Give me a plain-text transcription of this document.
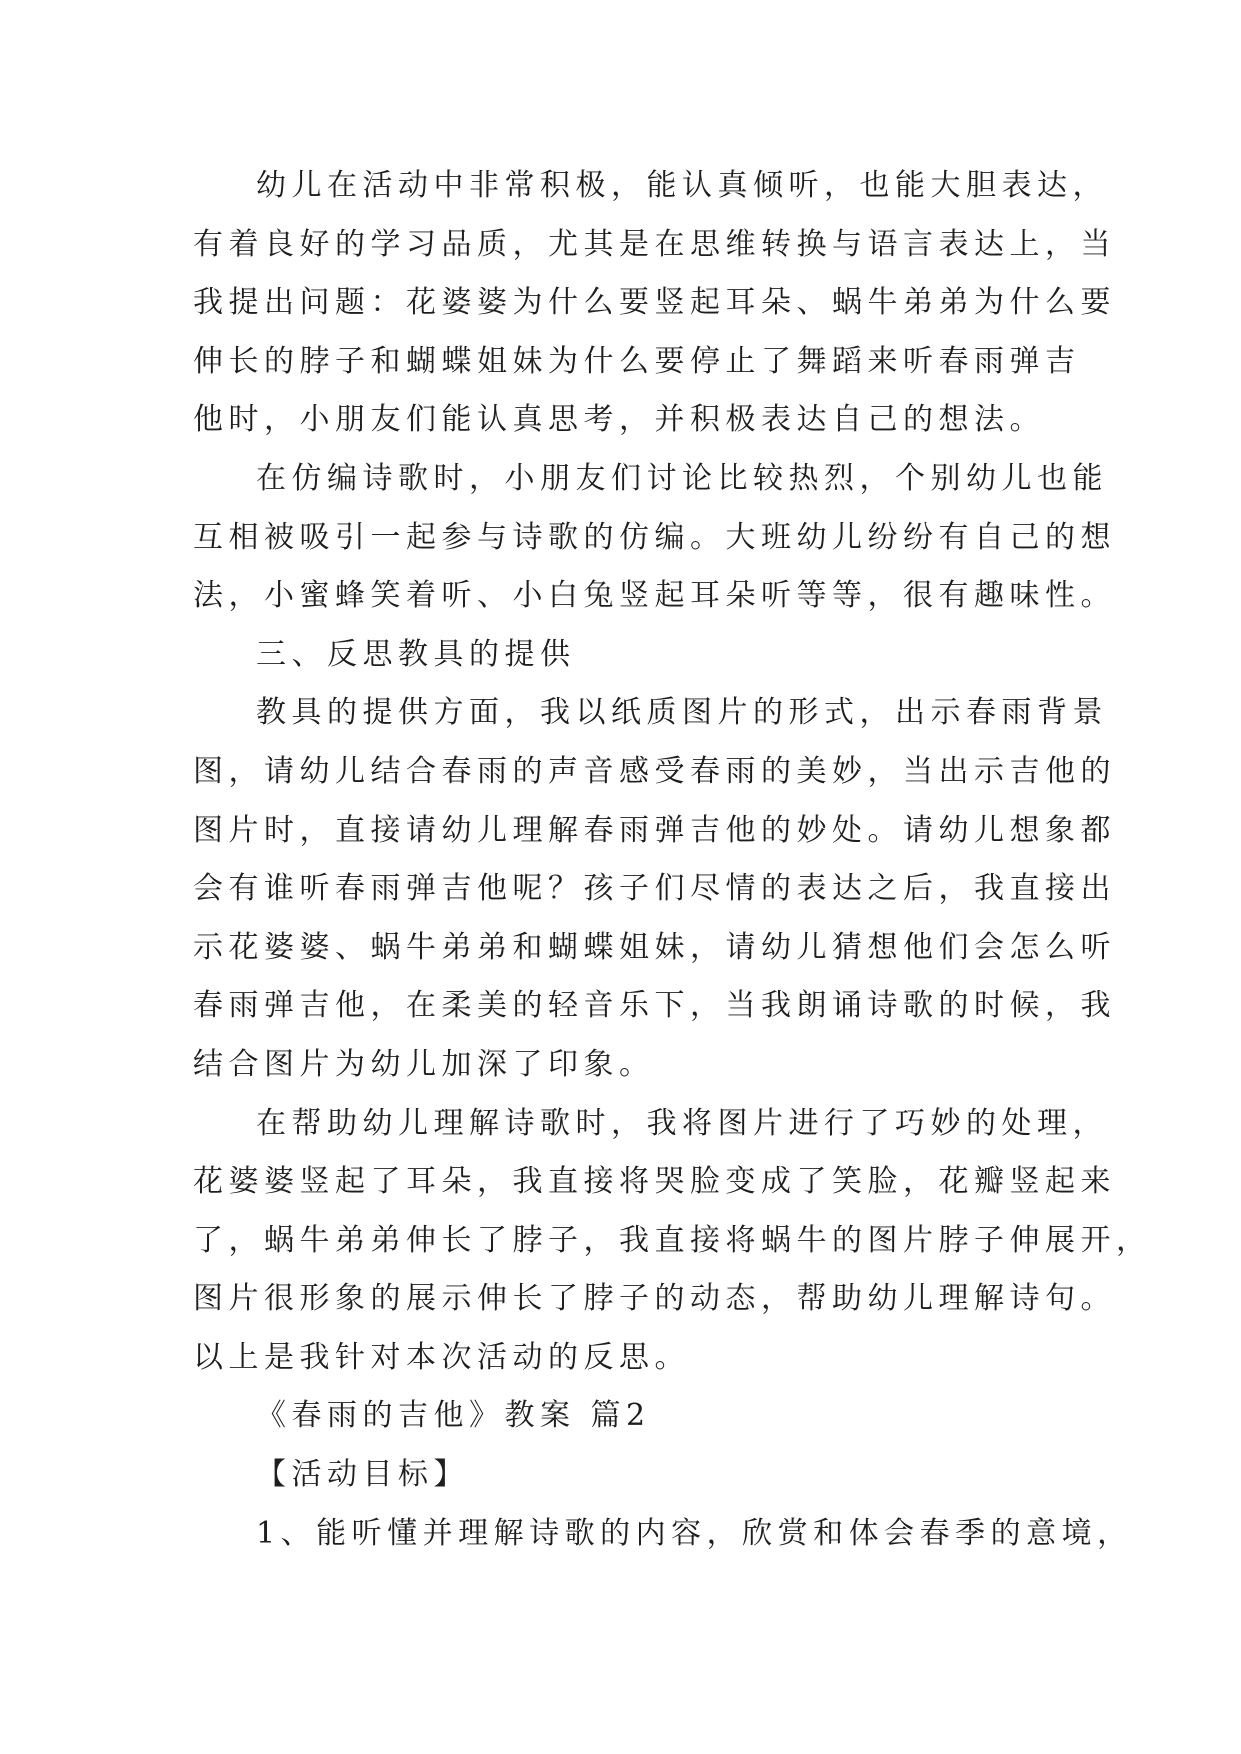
幼儿在活动中非常积极，能认真倾听，也能大胆表达，
有着良好的学习品质，尤其是在思维转换与语言表达上，当
我提出问题：花婆婆为什么要竖起耳朵、蜗牛弟弟为什么要
伸长的脖子和蝴蝶姐妹为什么要停止了舞蹈来听春雨弹吉
他时，小朋友们能认真思考，并积极表达自己的想法。
在仿编诗歌时，小朋友们讨论比较热烈，个别幼儿也能
互相被吸引一起参与诗歌的仿编。大班幼儿纷纷有自己的想
法，小蜜蜂笑着听、小白兔竖起耳朵听等等，很有趣味性。
三、反思教具的提供
教具的提供方面，我以纸质图片的形式，出示春雨背景
图，请幼儿结合春雨的声音感受春雨的美妙，当出示吉他的
图片时，直接请幼儿理解春雨弹吉他的妙处。请幼儿想象都
会有谁听春雨弹吉他呢？孩子们尽情的表达之后，我直接出
示花婆婆、蜗牛弟弟和蝴蝶姐妹，请幼儿猜想他们会怎么听
春雨弹吉他，在柔美的轻音乐下，当我朗诵诗歌的时候，我
结合图片为幼儿加深了印象。
在帮助幼儿理解诗歌时，我将图片进行了巧妙的处理，
花婆婆竖起了耳朵，我直接将哭脸变成了笑脸，花瓣竖起来
了，蜗牛弟弟伸长了脖子，我直接将蜗牛的图片脖子伸展开，
图片很形象的展示伸长了脖子的动态，帮助幼儿理解诗句。
以上是我针对本次活动的反思。
《春雨的吉他》教案 篇2
【活动目标】
1、能听懂并理解诗歌的内容，欣赏和体会春季的意境，
